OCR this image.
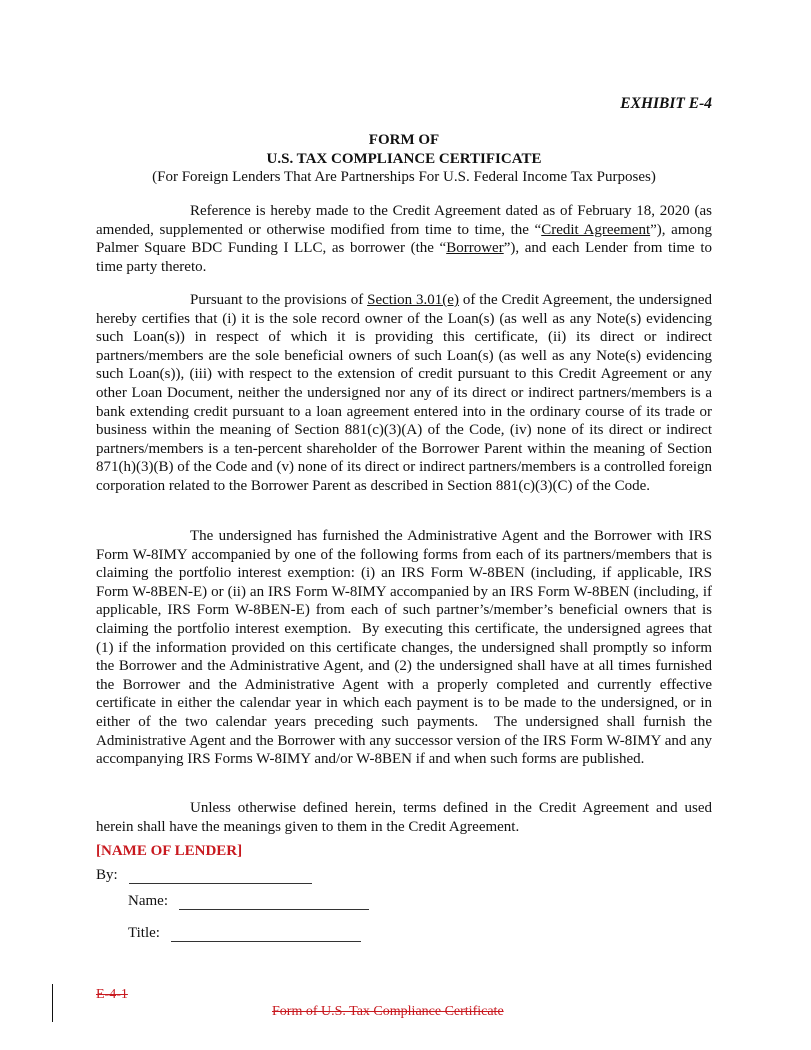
EXHIBIT E-4
FORM OF
U.S. TAX COMPLIANCE CERTIFICATE
(For Foreign Lenders That Are Partnerships For U.S. Federal Income Tax Purposes)

Reference is hereby made to the Credit Agreement dated as of February 18, 2020 (as amended, supplemented or otherwise modified from time to time, the “Credit Agreement”), among Palmer Square BDC Funding I LLC, as borrower (the “Borrower”), and each Lender from time to time party thereto.

Pursuant to the provisions of Section 3.01(e) of the Credit Agreement, the undersigned hereby certifies that (i) it is the sole record owner of the Loan(s) (as well as any Note(s) evidencing such Loan(s)) in respect of which it is providing this certificate, (ii) its direct or indirect partners/members are the sole beneficial owners of such Loan(s) (as well as any Note(s) evidencing such Loan(s)), (iii) with respect to the extension of credit pursuant to this Credit Agreement or any other Loan Document, neither the undersigned nor any of its direct or indirect partners/members is a bank extending credit pursuant to a loan agreement entered into in the ordinary course of its trade or business within the meaning of Section 881(c)(3)(A) of the Code, (iv) none of its direct or indirect partners/members is a ten-percent shareholder of the Borrower Parent within the meaning of Section 871(h)(3)(B) of the Code and (v) none of its direct or indirect partners/members is a controlled foreign corporation related to the Borrower Parent as described in Section 881(c)(3)(C) of the Code.

The undersigned has furnished the Administrative Agent and the Borrower with IRS Form W-8IMY accompanied by one of the following forms from each of its partners/members that is claiming the portfolio interest exemption: (i) an IRS Form W-8BEN (including, if applicable, IRS Form W-8BEN-E) or (ii) an IRS Form W-8IMY accompanied by an IRS Form W-8BEN (including, if applicable, IRS Form W-8BEN-E) from each of such partner’s/member’s beneficial owners that is claiming the portfolio interest exemption.  By executing this certificate, the undersigned agrees that (1) if the information provided on this certificate changes, the undersigned shall promptly so inform the Borrower and the Administrative Agent, and (2) the undersigned shall have at all times furnished the Borrower and the Administrative Agent with a properly completed and currently effective certificate in either the calendar year in which each payment is to be made to the undersigned, or in either of the two calendar years preceding such payments.  The undersigned shall furnish the Administrative Agent and the Borrower with any successor version of the IRS Form W-8IMY and any accompanying IRS Forms W-8IMY and/or W-8BEN if and when such forms are published.

Unless otherwise defined herein, terms defined in the Credit Agreement and used herein shall have the meanings given to them in the Credit Agreement.

[NAME OF LENDER]
By:
Name:
Title:
E-4-1
Form of U.S. Tax Compliance Certificate
